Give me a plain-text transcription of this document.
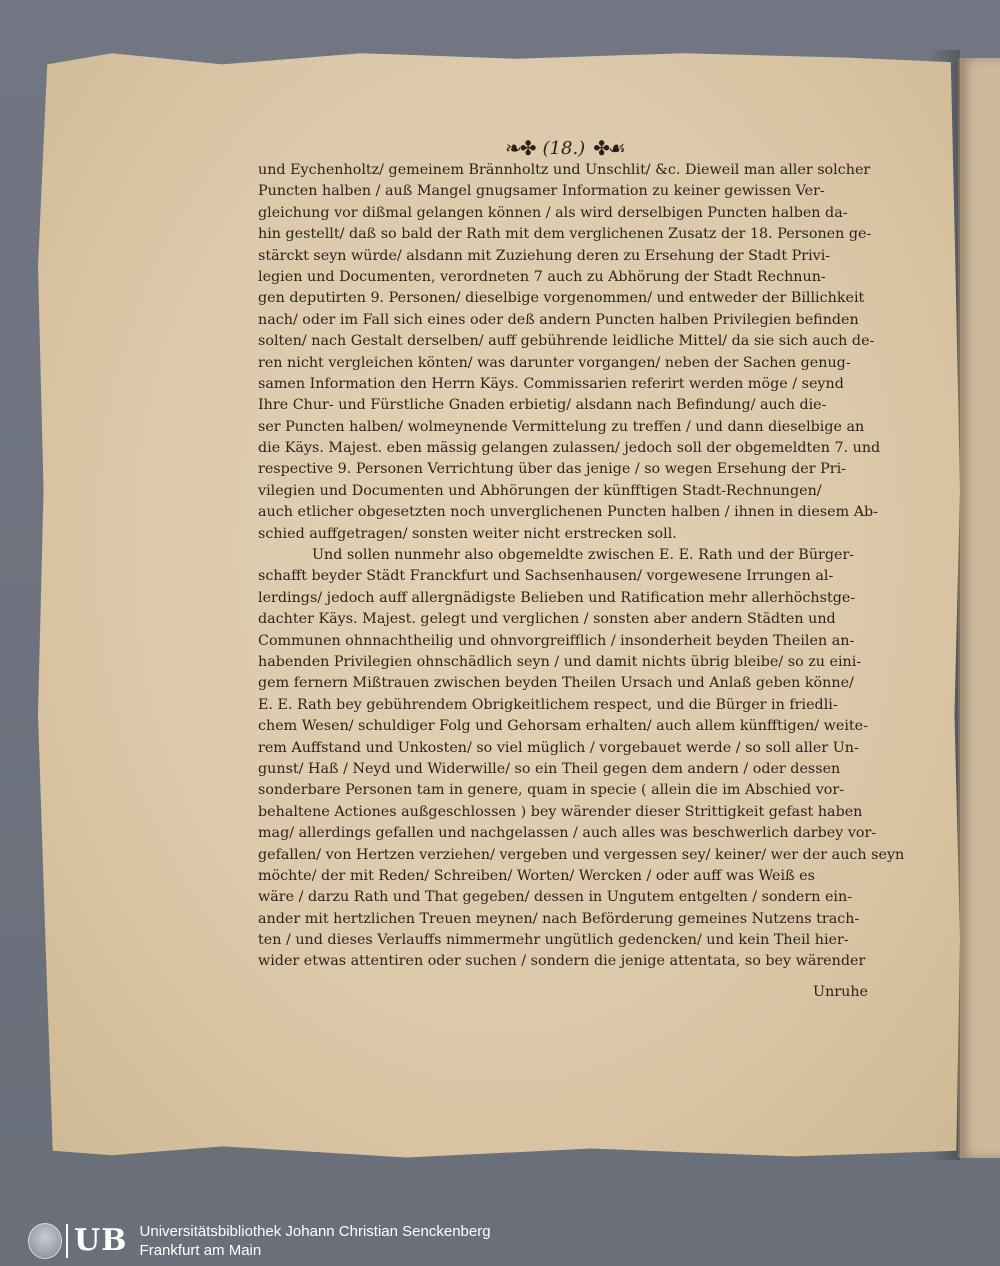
❧✤ (18.) ✤☙
und Eychenholtz/ gemeinem Brännholtz und Unschlit/ &c. Dieweil man aller solcher
Puncten halben / auß Mangel gnugsamer Information zu keiner gewissen Ver-
gleichung vor dißmal gelangen können / als wird derselbigen Puncten halben da-
hin gestellt/ daß so bald der Rath mit dem verglichenen Zusatz der 18. Personen ge-
stärckt seyn würde/ alsdann mit Zuziehung deren zu Ersehung der Stadt Privi-
legien und Documenten, verordneten 7 auch zu Abhörung der Stadt Rechnun-
gen deputirten 9. Personen/ dieselbige vorgenommen/ und entweder der Billichkeit
nach/ oder im Fall sich eines oder deß andern Puncten halben Privilegien befinden
solten/ nach Gestalt derselben/ auff gebührende leidliche Mittel/ da sie sich auch de-
ren nicht vergleichen könten/ was darunter vorgangen/ neben der Sachen genug-
samen Information den Herrn Käys. Commissarien referirt werden möge / seynd
Ihre Chur- und Fürstliche Gnaden erbietig/ alsdann nach Befindung/ auch die-
ser Puncten halben/ wolmeynende Vermittelung zu treffen / und dann dieselbige an
die Käys. Majest. eben mässig gelangen zulassen/ jedoch soll der obgemeldten 7. und
respective 9. Personen Verrichtung über das jenige / so wegen Ersehung der Pri-
vilegien und Documenten und Abhörungen der künfftigen Stadt-Rechnungen/
auch etlicher obgesetzten noch unverglichenen Puncten halben / ihnen in diesem Ab-
schied auffgetragen/ sonsten weiter nicht erstrecken soll.
Und sollen nunmehr also obgemeldte zwischen E. E. Rath und der Bürger-
schafft beyder Städt Franckfurt und Sachsenhausen/ vorgewesene Irrungen al-
lerdings/ jedoch auff allergnädigste Belieben und Ratification mehr allerhöchstge-
dachter Käys. Majest. gelegt und verglichen / sonsten aber andern Städten und
Communen ohnnachtheilig und ohnvorgreifflich / insonderheit beyden Theilen an-
habenden Privilegien ohnschädlich seyn / und damit nichts übrig bleibe/ so zu eini-
gem fernern Mißtrauen zwischen beyden Theilen Ursach und Anlaß geben könne/
E. E. Rath bey gebührendem Obrigkeitlichem respect, und die Bürger in friedli-
chem Wesen/ schuldiger Folg und Gehorsam erhalten/ auch allem künfftigen/ weite-
rem Auffstand und Unkosten/ so viel müglich / vorgebauet werde / so soll aller Un-
gunst/ Haß / Neyd und Widerwille/ so ein Theil gegen dem andern / oder dessen
sonderbare Personen tam in genere, quam in specie ( allein die im Abschied vor-
behaltene Actiones außgeschlossen ) bey wärender dieser Strittigkeit gefast haben
mag/ allerdings gefallen und nachgelassen / auch alles was beschwerlich darbey vor-
gefallen/ von Hertzen verziehen/ vergeben und vergessen sey/ keiner/ wer der auch seyn
möchte/ der mit Reden/ Schreiben/ Worten/ Wercken / oder auff was Weiß es
wäre / darzu Rath und That gegeben/ dessen in Ungutem entgelten / sondern ein-
ander mit hertzlichen Treuen meynen/ nach Beförderung gemeines Nutzens trach-
ten / und dieses Verlauffs nimmermehr ungütlich gedencken/ und kein Theil hier-
wider etwas attentiren oder suchen / sondern die jenige attentata, so bey wärender
Unruhe
UB Universitätsbibliothek Johann Christian Senckenberg
Frankfurt am Main
